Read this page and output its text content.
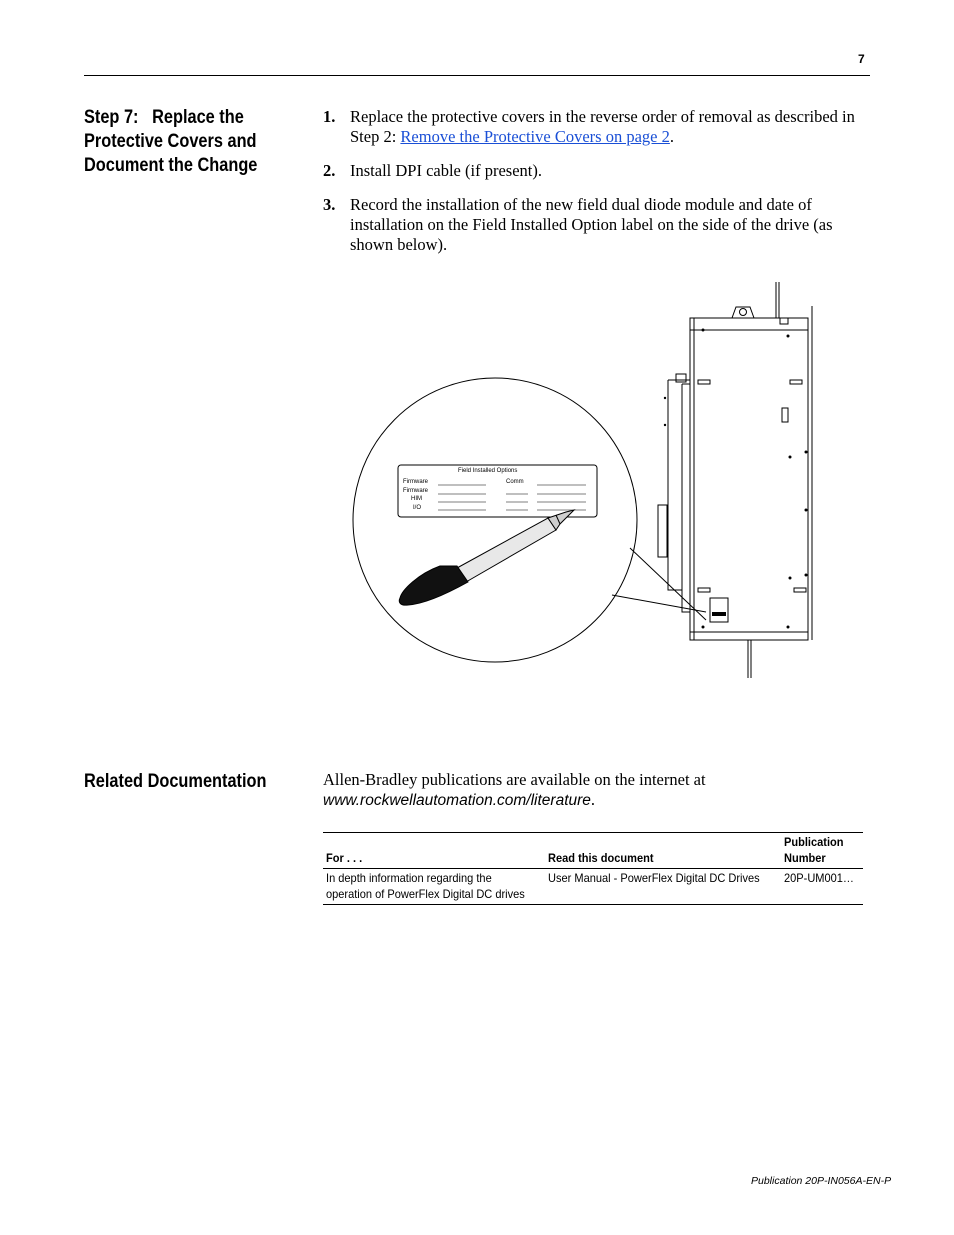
7
Step 7:   Replace the
Protective Covers and
Document the Change
1. Replace the protective covers in the reverse order of removal as described in Step 2: Remove the Protective Covers on page 2.
2. Install DPI cable (if present).
3. Record the installation of the new field dual diode module and date of installation on the Field Installed Option label on the side of the drive (as shown below).
Field Installed Options
Firmware
Firmware
HIM
I/O
Comm
Related Documentation	Allen-Bradley publications are available on the internet at
www.rockwellautomation.com/literature.
For . . .	Read this document	Publication
Number
In depth information regarding the
operation of PowerFlex Digital DC drives	User Manual - PowerFlex Digital DC Drives	20P-UM001…
Publication 20P-IN056A-EN-P
